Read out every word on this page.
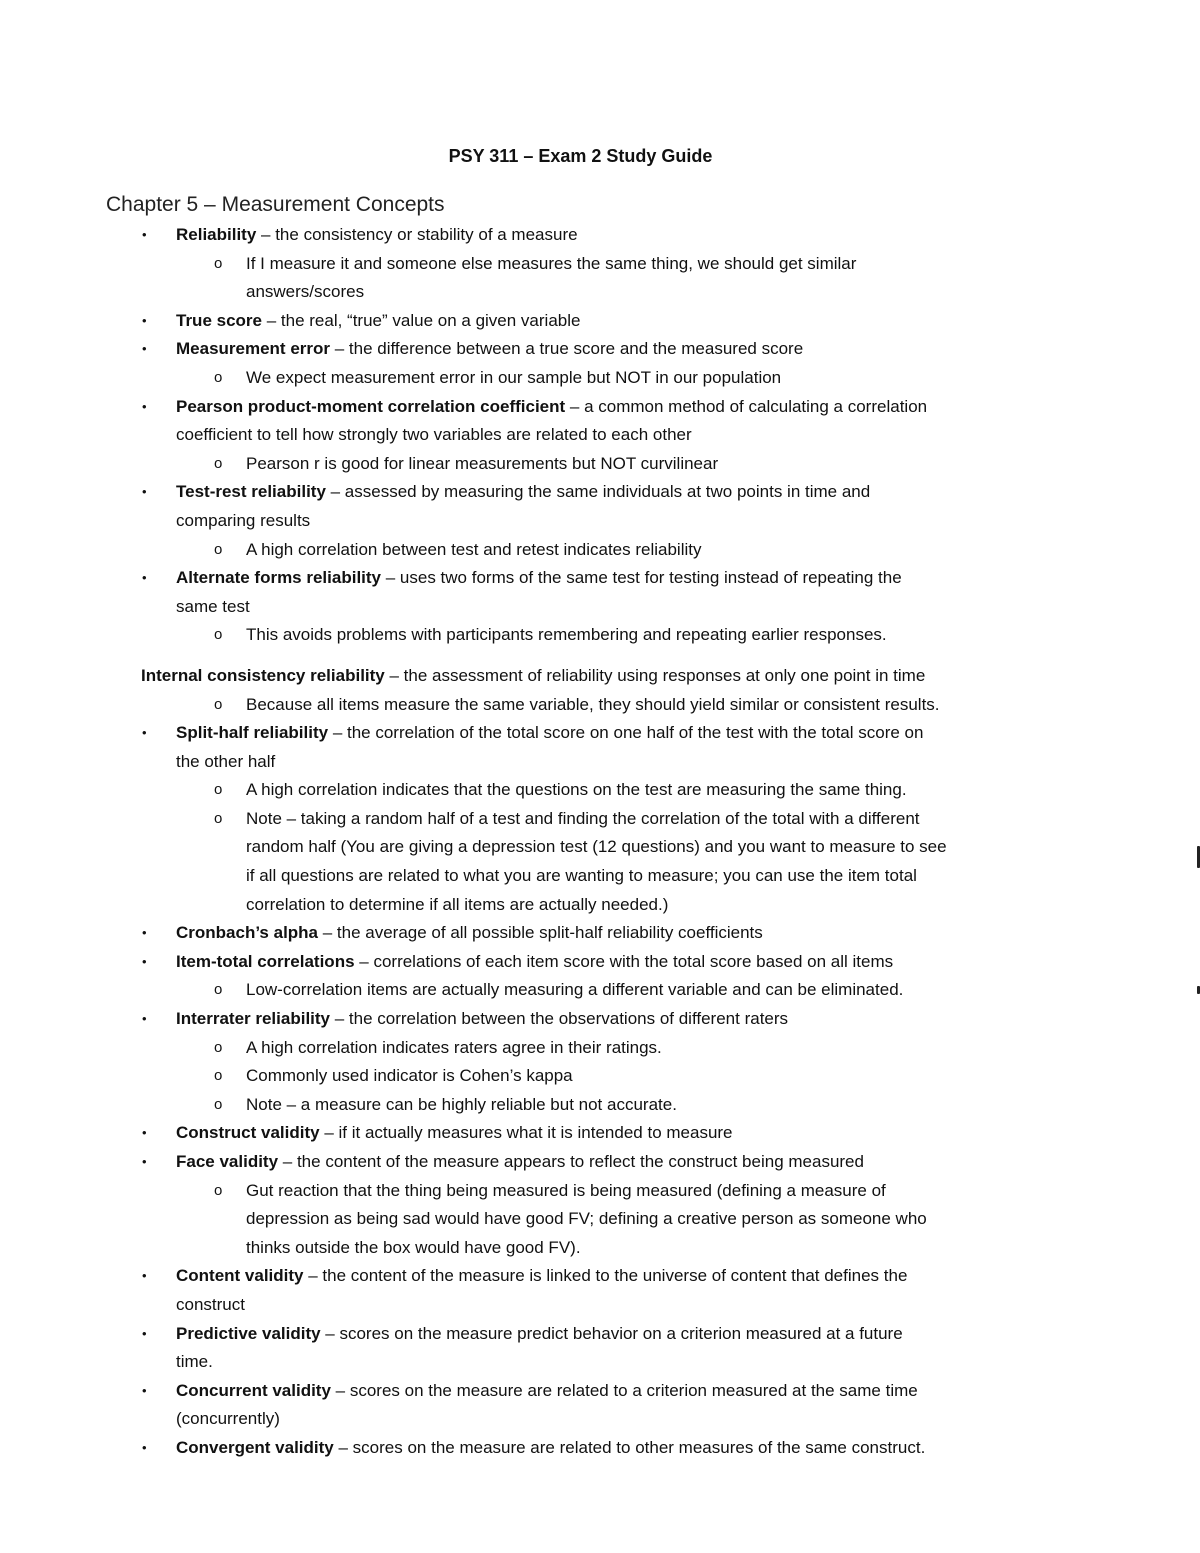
PSY 311 – Exam 2 Study Guide
Chapter 5 – Measurement Concepts
• Reliability – the consistency or stability of a measure
o If I measure it and someone else measures the same thing, we should get similar
answers/scores
• True score – the real, “true” value on a given variable
• Measurement error – the difference between a true score and the measured score
o We expect measurement error in our sample but NOT in our population
• Pearson product-moment correlation coefficient – a common method of calculating a correlation
coefficient to tell how strongly two variables are related to each other
o Pearson r is good for linear measurements but NOT curvilinear
• Test-rest reliability – assessed by measuring the same individuals at two points in time and
comparing results
o A high correlation between test and retest indicates reliability
• Alternate forms reliability – uses two forms of the same test for testing instead of repeating the
same test
o This avoids problems with participants remembering and repeating earlier responses.
Internal consistency reliability – the assessment of reliability using responses at only one point in time
o Because all items measure the same variable, they should yield similar or consistent results.
• Split-half reliability – the correlation of the total score on one half of the test with the total score on
the other half
o A high correlation indicates that the questions on the test are measuring the same thing.
o Note – taking a random half of a test and finding the correlation of the total with a different
random half (You are giving a depression test (12 questions) and you want to measure to see
if all questions are related to what you are wanting to measure; you can use the item total
correlation to determine if all items are actually needed.)
• Cronbach’s alpha – the average of all possible split-half reliability coefficients
• Item-total correlations – correlations of each item score with the total score based on all items
o Low-correlation items are actually measuring a different variable and can be eliminated.
• Interrater reliability – the correlation between the observations of different raters
o A high correlation indicates raters agree in their ratings.
o Commonly used indicator is Cohen’s kappa
o Note – a measure can be highly reliable but not accurate.
• Construct validity – if it actually measures what it is intended to measure
• Face validity – the content of the measure appears to reflect the construct being measured
o Gut reaction that the thing being measured is being measured (defining a measure of
depression as being sad would have good FV; defining a creative person as someone who
thinks outside the box would have good FV).
• Content validity – the content of the measure is linked to the universe of content that defines the
construct
• Predictive validity – scores on the measure predict behavior on a criterion measured at a future
time.
• Concurrent validity – scores on the measure are related to a criterion measured at the same time
(concurrently)
• Convergent validity – scores on the measure are related to other measures of the same construct.
